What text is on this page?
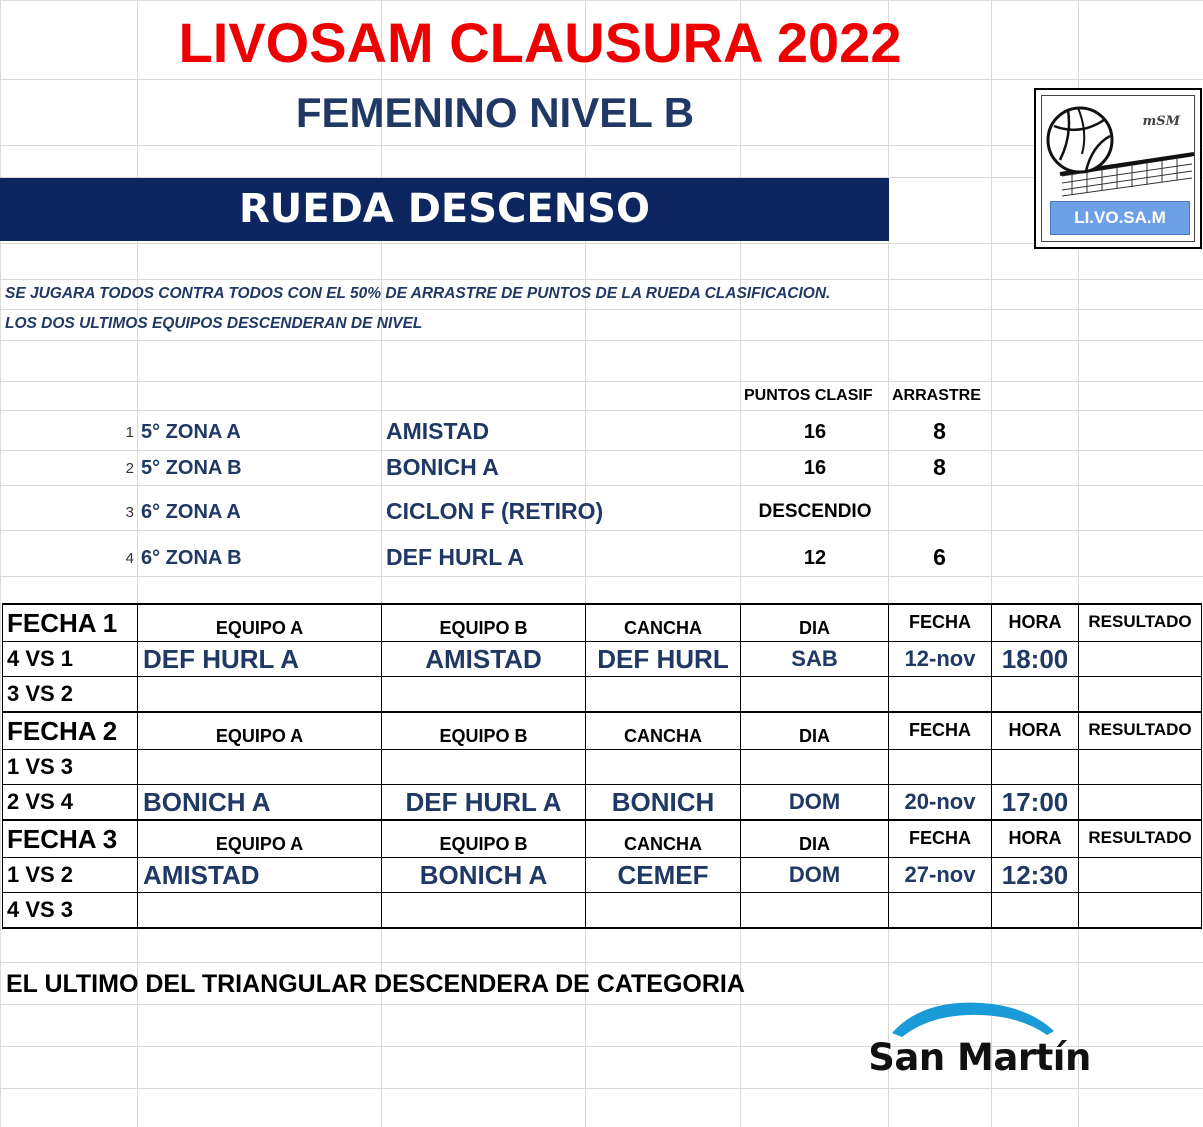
LIVOSAM CLAUSURA 2022
FEMENINO NIVEL B
RUEDA DESCENSO
mSM
LI.VO.SA.M
SE JUGARA TODOS CONTRA TODOS CON EL 50% DE ARRASTRE DE PUNTOS DE LA RUEDA CLASIFICACION.
LOS DOS ULTIMOS EQUIPOS DESCENDERAN DE NIVEL
PUNTOS CLASIF ARRASTRE
1 5° ZONA A	AMISTAD	16	8
2 5° ZONA B	BONICH A	16	8
3 6° ZONA A	CICLON F (RETIRO)	DESCENDIO
4 6° ZONA B	DEF HURL A	12	6
FECHA 1	EQUIPO A	EQUIPO B	CANCHA	DIA	FECHA	HORA	RESULTADO
4 VS 1	DEF HURL A	AMISTAD	DEF HURL	SAB	12-nov	18:00	
3 VS 2							
FECHA 2	EQUIPO A	EQUIPO B	CANCHA	DIA	FECHA	HORA	RESULTADO
1 VS 3							
2 VS 4	BONICH A	DEF HURL A	BONICH	DOM	20-nov	17:00	
FECHA 3	EQUIPO A	EQUIPO B	CANCHA	DIA	FECHA	HORA	RESULTADO
1 VS 2	AMISTAD	BONICH A	CEMEF	DOM	27-nov	12:30	
4 VS 3							
EL ULTIMO DEL TRIANGULAR DESCENDERA DE CATEGORIA
San Martín
